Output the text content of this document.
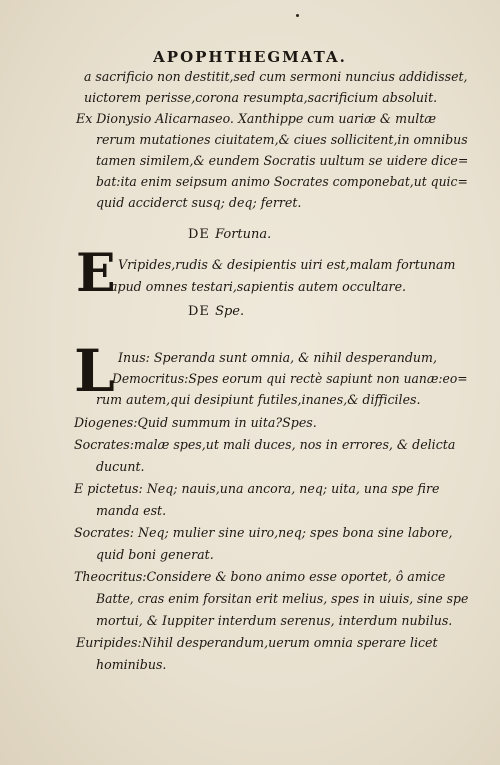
APOPHTHEGMATA.
a sacrificio non destitit,sed cum sermoni nuncius addidisset,
uictorem perisse,corona resumpta,sacrificium absoluit.
Ex Dionysio Alicarnaseo. Xanthippe cum uariæ & multæ
rerum mutationes ciuitatem,& ciues sollicitent,in omnibus
tamen similem,& eundem Socratis uultum se uidere dice=
bat:ita enim seipsum animo Socrates componebat,ut quic=
quid acciderct susq; deq; ferret.
DE Fortuna.
E Vripides,rudis & desipientis uiri est,malam fortunam
apud omnes testari,sapientis autem occultare.
DE Spe.
L Inus: Speranda sunt omnia, & nihil desperandum,
Democritus:Spes eorum qui rectè sapiunt non uanæ:eo=
rum autem,qui desipiunt futiles,inanes,& difficiles.
Diogenes:Quid summum in uita?Spes.
Socrates:malæ spes,ut mali duces, nos in errores, & delicta
ducunt.
E pictetus: Neq; nauis,una ancora, neq; uita, una spe fire
manda est.
Socrates: Neq; mulier sine uiro,neq; spes bona sine labore,
quid boni generat.
Theocritus:Considere & bono animo esse oportet, ô amice
Batte, cras enim forsitan erit melius, spes in uiuis, sine spe
mortui, & Iuppiter interdum serenus, interdum nubilus.
Euripides:Nihil desperandum,uerum omnia sperare licet
hominibus.
